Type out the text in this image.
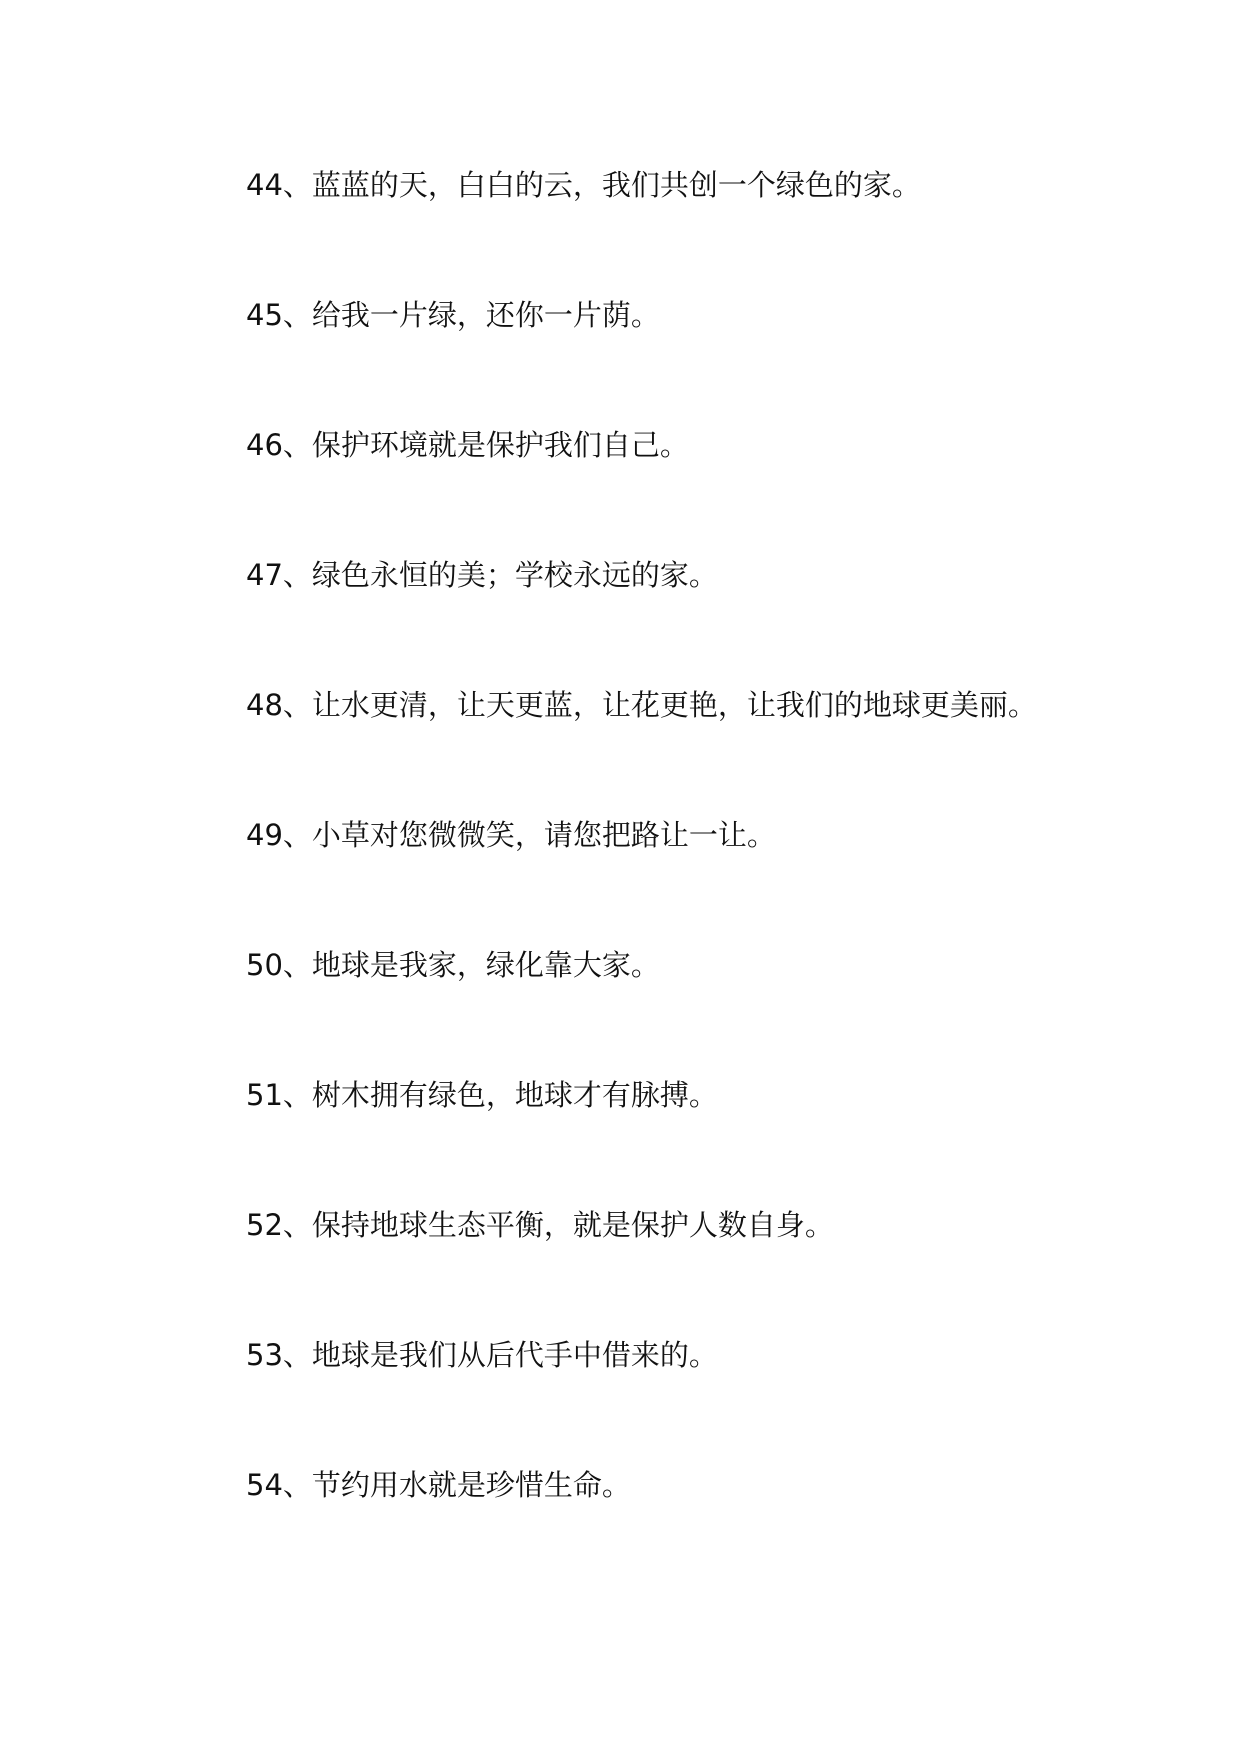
44、蓝蓝的天，白白的云，我们共创一个绿色的家。
45、给我一片绿，还你一片荫。
46、保护环境就是保护我们自己。
47、绿色永恒的美；学校永远的家。
48、让水更清，让天更蓝，让花更艳，让我们的地球更美丽。
49、小草对您微微笑，请您把路让一让。
50、地球是我家，绿化靠大家。
51、树木拥有绿色，地球才有脉搏。
52、保持地球生态平衡，就是保护人数自身。
53、地球是我们从后代手中借来的。
54、节约用水就是珍惜生命。
